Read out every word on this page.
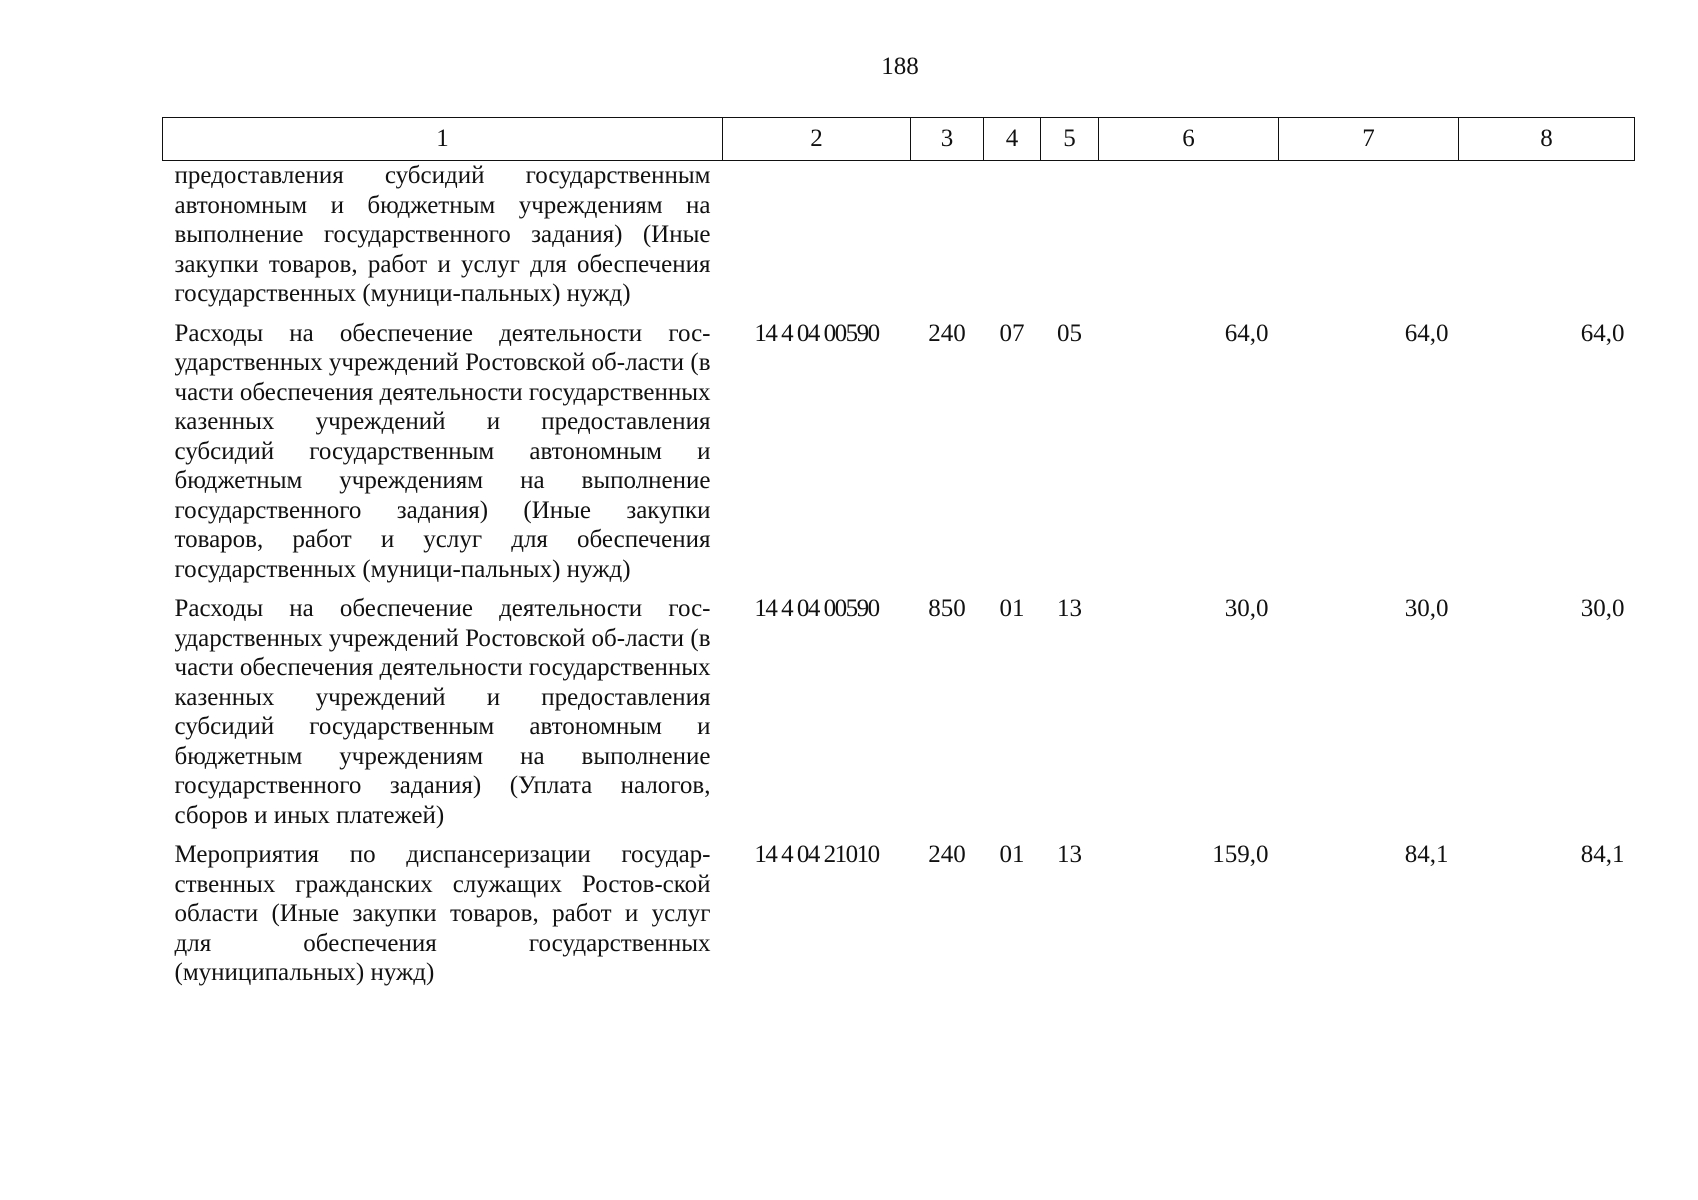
188
1	2	3	4	5	6	7	8
предоставления субсидий государственным автономным и бюджетным учреждениям на выполнение государственного задания) (Иные закупки товаров, работ и услуг для обеспечения государственных (муници-пальных) нужд)							
Расходы на обеспечение деятельности гос-ударственных учреждений Ростовской об-ласти (в части обеспечения деятельности государственных казенных учреждений и предоставления субсидий государственным автономным и бюджетным учреждениям на выполнение государственного задания) (Иные закупки товаров, работ и услуг для обеспечения государственных (муници-пальных) нужд)	14 4 04 00590	240	07	05	64,0	64,0	64,0
Расходы на обеспечение деятельности гос-ударственных учреждений Ростовской об-ласти (в части обеспечения деятельности государственных казенных учреждений и предоставления субсидий государственным автономным и бюджетным учреждениям на выполнение государственного задания) (Уплата налогов, сборов и иных платежей)	14 4 04 00590	850	01	13	30,0	30,0	30,0
Мероприятия по диспансеризации государ-ственных гражданских служащих Ростов-ской области (Иные закупки товаров, работ и услуг для обеспечения государственных (муниципальных) нужд)	14 4 04 21010	240	01	13	159,0	84,1	84,1
